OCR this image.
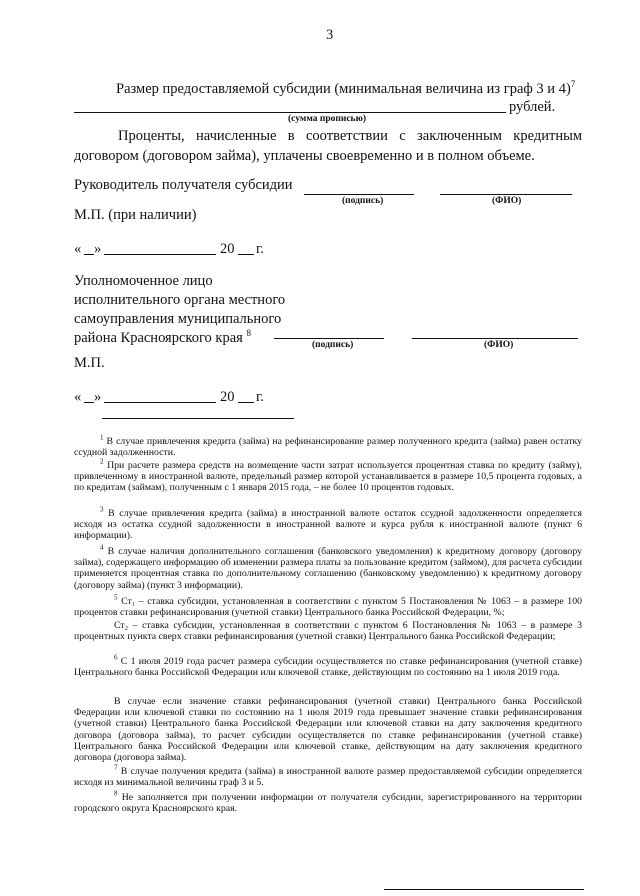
3
Размер предоставляемой субсидии (минимальная величина из граф 3 и 4)$^7$
рублей.
(сумма прописью)
Проценты, начисленные в соответствии с заключенным кредитным договором (договором займа), уплачены своевременно и в полном объеме.
Руководитель получателя субсидии
(подпись)	(ФИО)
М.П. (при наличии)
« »	20 г.
Уполномоченное лицо
исполнительного органа местного
самоуправления муниципального
района Красноярского края $^8$
(подпись)	(ФИО)
М.П.
« »	20 г.
$^1$ В случае привлечения кредита (займа) на рефинансирование размер полученного кредита (займа) равен остатку ссудной задолженности.
$^2$ При расчете размера средств на возмещение части затрат используется процентная ставка по кредиту (займу), привлеченному в иностранной валюте, предельный размер которой устанавливается в размере 10,5 процента годовых, а по кредитам (займам), полученным с 1 января 2015 года, – не более 10 процентов годовых.
$^3$ В случае привлечения кредита (займа) в иностранной валюте остаток ссудной задолженности определяется исходя из остатка ссудной задолженности в иностранной валюте и курса рубля к иностранной валюте (пункт 6 информации).
$^4$ В случае наличия дополнительного соглашения (банковского уведомления) к кредитному договору (договору займа), содержащего информацию об изменении размера платы за пользование кредитом (займом), для расчета субсидии применяется процентная ставка по дополнительному соглашению (банковскому уведомлению) к кредитному договору (договору займа) (пункт 3 информации).
$^5$ Ст₁ – ставка субсидии, установленная в соответствии с пунктом 5 Постановления № 1063 – в размере 100 процентов ставки рефинансирования (учетной ставки) Центрального банка Российской Федерации, %;
Ст₂ – ставка субсидии, установленная в соответствии с пунктом 6 Постановления № 1063 – в размере 3 процентных пункта сверх ставки рефинансирования (учетной ставки) Центрального банка Российской Федерации;
$^6$ С 1 июля 2019 года расчет размера субсидии осуществляется по ставке рефинансирования (учетной ставке) Центрального банка Российской Федерации или ключевой ставке, действующим по состоянию на 1 июля 2019 года.
В случае если значение ставки рефинансирования (учетной ставки) Центрального банка Российской Федерации или ключевой ставки по состоянию на 1 июля 2019 года превышает значение ставки рефинансирования (учетной ставки) Центрального банка Российской Федерации или ключевой ставки на дату заключения кредитного договора (договора займа), то расчет субсидии осуществляется по ставке рефинансирования (учетной ставке) Центрального банка Российской Федерации или ключевой ставке, действующим на дату заключения кредитного договора (договора займа).
$^7$ В случае получения кредита (займа) в иностранной валюте размер предоставляемой субсидии определяется исходя из минимальной величины граф 3 и 5.
$^8$ Не заполняется при получении информации от получателя субсидии, зарегистрированного на территории городского округа Красноярского края.
